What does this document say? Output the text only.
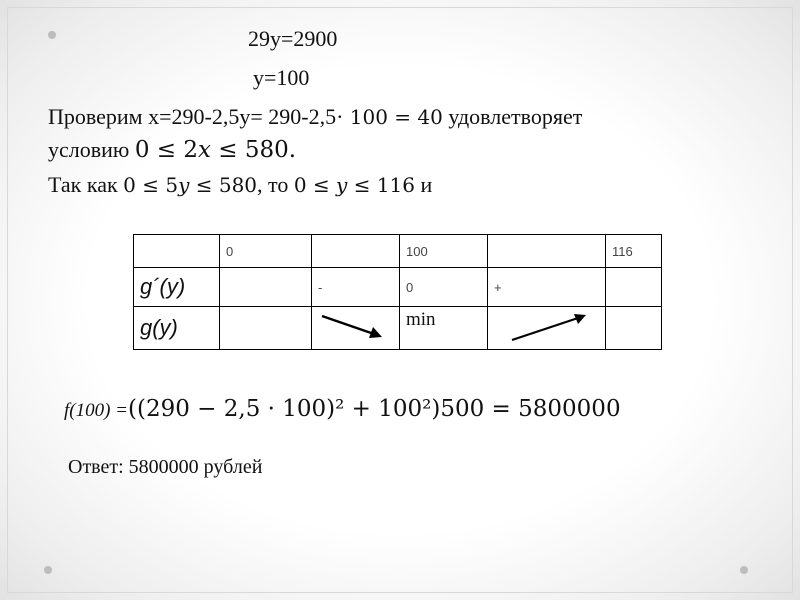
29y=2900
y=100
Проверим х=290-2,5у= 290-2,5· 100 = 40 удовлетворяет
условию 0 ≤ 2𝑥 ≤ 580.
Так как 0 ≤ 5𝑦 ≤ 580, то 0 ≤ 𝑦 ≤ 116 и
	0		100		116
g´(y)		-	0	+	
g(y)			min		
f(100) =((290 − 2,5 · 100)² + 100²)500 = 5800000
Ответ: 5800000 рублей
